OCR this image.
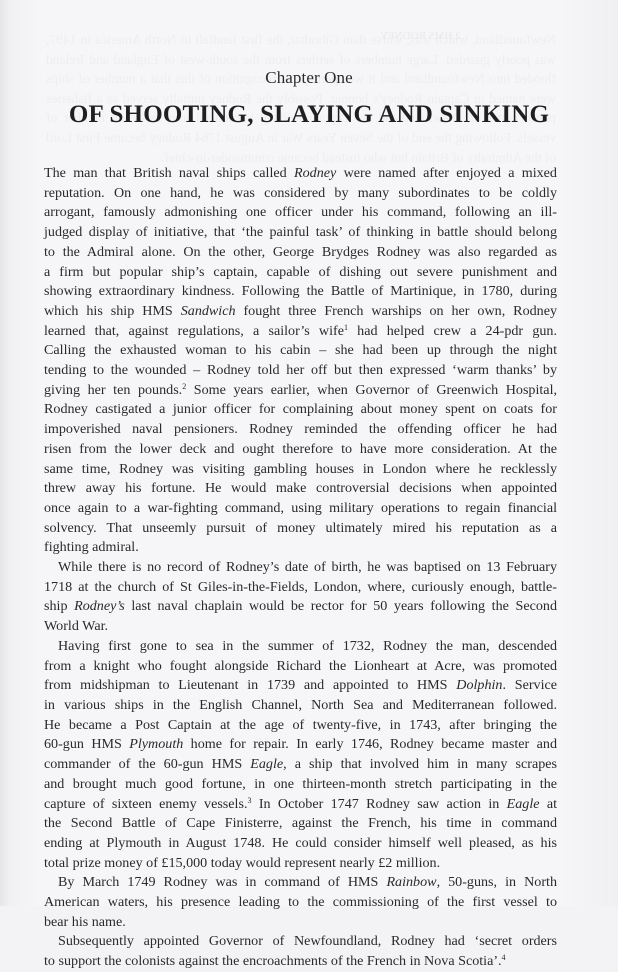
2 HMS RODNEY
Chapter One
OF SHOOTING, SLAYING AND SINKING

The man that British naval ships called Rodney were named after enjoyed a mixed
reputation. On one hand, he was considered by many subordinates to be coldly
arrogant, famously admonishing one officer under his command, following an ill-
judged display of initiative, that ‘the painful task’ of thinking in battle should belong
to the Admiral alone. On the other, George Brydges Rodney was also regarded as
a firm but popular ship’s captain, capable of dishing out severe punishment and
showing extraordinary kindness. Following the Battle of Martinique, in 1780, during
which his ship HMS Sandwich fought three French warships on her own, Rodney
learned that, against regulations, a sailor’s wife$^1$ had helped crew a 24-pdr gun.
Calling the exhausted woman to his cabin – she had been up through the night
tending to the wounded – Rodney told her off but then expressed ‘warm thanks’ by
giving her ten pounds.$^2$ Some years earlier, when Governor of Greenwich Hospital,
Rodney castigated a junior officer for complaining about money spent on coats for
impoverished naval pensioners. Rodney reminded the offending officer he had
risen from the lower deck and ought therefore to have more consideration. At the
same time, Rodney was visiting gambling houses in London where he recklessly
threw away his fortune. He would make controversial decisions when appointed
once again to a war-fighting command, using military operations to regain financial
solvency. That unseemly pursuit of money ultimately mired his reputation as a
fighting admiral.

While there is no record of Rodney’s date of birth, he was baptised on 13 February
1718 at the church of St Giles-in-the-Fields, London, where, curiously enough, battle-
ship Rodney’s last naval chaplain would be rector for 50 years following the Second
World War.

Having first gone to sea in the summer of 1732, Rodney the man, descended
from a knight who fought alongside Richard the Lionheart at Acre, was promoted
from midshipman to Lieutenant in 1739 and appointed to HMS Dolphin. Service
in various ships in the English Channel, North Sea and Mediterranean followed.
He became a Post Captain at the age of twenty-five, in 1743, after bringing the
60-gun HMS Plymouth home for repair. In early 1746, Rodney became master and
commander of the 60-gun HMS Eagle, a ship that involved him in many scrapes
and brought much good fortune, in one thirteen-month stretch participating in the
capture of sixteen enemy vessels.$^3$ In October 1747 Rodney saw action in Eagle at
the Second Battle of Cape Finisterre, against the French, his time in command
ending at Plymouth in August 1748. He could consider himself well pleased, as his
total prize money of £15,000 today would represent nearly £2 million.

By March 1749 Rodney was in command of HMS Rainbow, 50-guns, in North
American waters, his presence leading to the commissioning of the first vessel to
bear his name.

Subsequently appointed Governor of Newfoundland, Rodney had ‘secret orders
to support the colonists against the encroachments of the French in Nova Scotia’.$^4$
